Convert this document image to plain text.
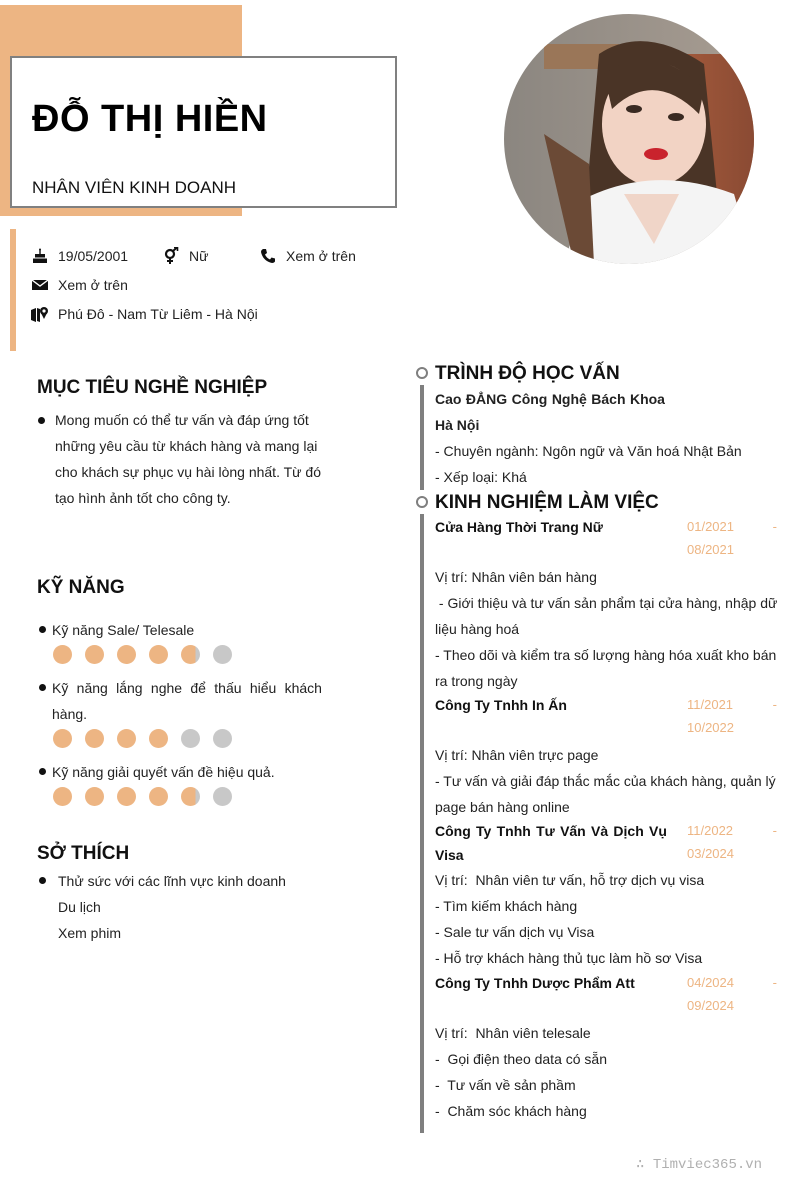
ĐỖ THỊ HIỀN
NHÂN VIÊN KINH DOANH
19/05/2001	Nữ	Xem ở trên
Xem ở trên
Phú Đô - Nam Từ Liêm - Hà Nội
MỤC TIÊU NGHỀ NGHIỆP
Mong muốn có thể tư vấn và đáp ứng tốt
những yêu cầu từ khách hàng và mang lại
cho khách sự phục vụ hài lòng nhất. Từ đó
tạo hình ảnh tốt cho công ty.
KỸ NĂNG
Kỹ năng Sale/ Telesale
Kỹ năng lắng nghe để thấu hiểu khách
hàng.
Kỹ năng giải quyết vấn đề hiệu quả.
SỞ THÍCH
Thử sức với các lĩnh vực kinh doanh
Du lịch
Xem phim
TRÌNH ĐỘ HỌC VẤN
Cao ĐẲNG Công Nghệ Bách Khoa
Hà Nội
- Chuyên ngành: Ngôn ngữ và Văn hoá Nhật Bản
- Xếp loại: Khá
KINH NGHIỆM LÀM VIỆC
Cửa Hàng Thời Trang Nữ	01/2021	-
08/2021
Vị trí: Nhân viên bán hàng
- Giới thiệu và tư vấn sản phẩm tại cửa hàng, nhập dữ
liệu hàng hoá
- Theo dõi và kiểm tra số lượng hàng hóa xuất kho bán
ra trong ngày
Công Ty Tnhh In Ấn	11/2021	-
10/2022
Vị trí: Nhân viên trực page
- Tư vấn và giải đáp thắc mắc của khách hàng, quản lý
page bán hàng online
Công Ty Tnhh Tư Vấn Và Dịch Vụ
Visa
11/2022	-
03/2024
Vị trí:  Nhân viên tư vấn, hỗ trợ dịch vụ visa
- Tìm kiếm khách hàng
- Sale tư vấn dịch vụ Visa
- Hỗ trợ khách hàng thủ tục làm hồ sơ Visa
Công Ty Tnhh Dược Phẩm Att	04/2024	-
09/2024
Vị trí:  Nhân viên telesale
-  Gọi điện theo data có sẵn
-  Tư vấn về sản phầm
-  Chăm sóc khách hàng
∴ Timviec365.vn
